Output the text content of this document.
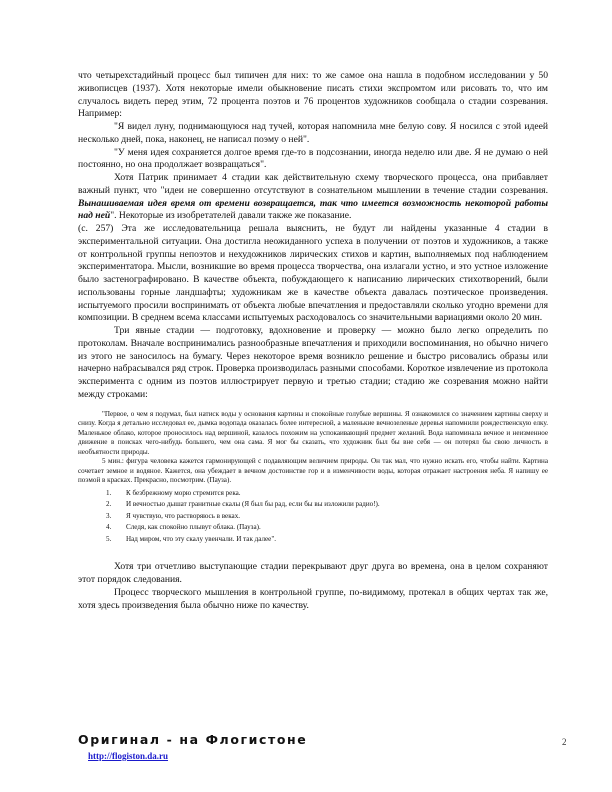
что четырехстадийный процесс был типичен для них: то же самое она нашла в подобном исследовании у 50 живописцев (1937). Хотя некоторые имели обыкновение писать стихи экспромтом или рисовать то, что им случалось видеть перед этим, 72 процента поэтов и 76 процентов художников сообщала о стадии созревания. Например:

"Я видел луну, поднимающуюся над тучей, которая напомнила мне белую сову. Я носился с этой идеей несколько дней, пока, наконец, не написал поэму о ней".

"У меня идея сохраняется долгое время где-то в подсознании, иногда неделю или две. Я не думаю о ней постоянно, но она продолжает возвращаться".

Хотя Патрик принимает 4 стадии как действительную схему творческого процесса, она прибавляет важный пункт, что "идеи не совершенно отсутствуют в сознательном мышлении в течение стадии созревания. Вынашиваемая идея время от времени возвращается, так что имеется возможность некоторой работы над ней". Некоторые из изобретателей давали также же показание.

(с. 257) Эта же исследовательница решала выяснить, не будут ли найдены указанные 4 стадии в экспериментальной ситуации. Она достигла неожиданного успеха в получении от поэтов и художников, а также от контрольной группы непоэтов и нехудожников лирических стихов и картин, выполняемых под наблюдением экспериментатора. Мысли, возникшие во время процесса творчества, она излагали устно, и это устное изложение было застенографировано. В качестве объекта, побуждающего к написанию лирических стихотворений, были использованы горные ландшафты; художникам же в качестве объекта давалась поэтическое произведения. испытуемого просили воспринимать от объекта любые впечатления и предоставляли сколько угодно времени для композиции. В среднем всема классами испытуемых расходовалось со значительными вариациями около 20 мин.

Три явные стадии — подготовку, вдохновение и проверку — можно было легко определить по протоколам. Вначале воспринимались разнообразные впечатления и приходили воспоминания, но обычно ничего из этого не заносилось на бумагу. Через некоторое время возникло решение и быстро рисовались образы или начерно набрасывался ряд строк. Проверка производилась разными способами. Короткое извлечение из протокола эксперимента с одним из поэтов иллюстрирует первую и третью стадии; стадию же созревания можно найти между строками:

"Первое, о чем я подумал, был натиск воды у основания картины и спокойные голубые вершины. Я ознакомился со значением картины сверху и снизу. Когда я детально исследовал ее, дымка водопада оказалась более интересной, а маленькие вечнозеленые деревья напомнили рождественскую елку. Маленькое облако, которое проносилось над вершиной, казалось похожим на успокаивающий предмет желаний. Вода напоминала вечное и неизменное движение в поисках чего-нибудь большего, чем она сама. Я мог бы сказать, что художник был бы вне себя — он потерял бы свою личность в необъятности природы.

5 мин.: фигура человека кажется гармонирующей с подавляющим величием природы. Он так мал, что нужно искать его, чтобы найти. Картина сочетает земное и водяное. Кажется, она убеждает в вечном достоинстве гор и в изменчивости воды, которая отражает настроения неба. Я напишу ее поэмой в красках. Прекрасно, посмотрим. (Пауза).

1. К безбрежному морю стремится река.
2. И вечностью дышат гранитные скалы (Я был бы рад, если бы вы изложили радио!).
3. Я чувствую, что растворяюсь в веках.
4. Следя, как спокойно плывут облака. (Пауза).
5. Над миром, что эту скалу увенчали. И так далее".

Хотя три отчетливо выступающие стадии перекрывают друг друга во времена, она в целом сохраняют этот порядок следования.

Процесс творческого мышления в контрольной группе, по-видимому, протекал в общих чертах так же, хотя здесь произведения была обычно ниже по качеству.

Оригинал - на Флогистоне
http://flogiston.da.ru
2
